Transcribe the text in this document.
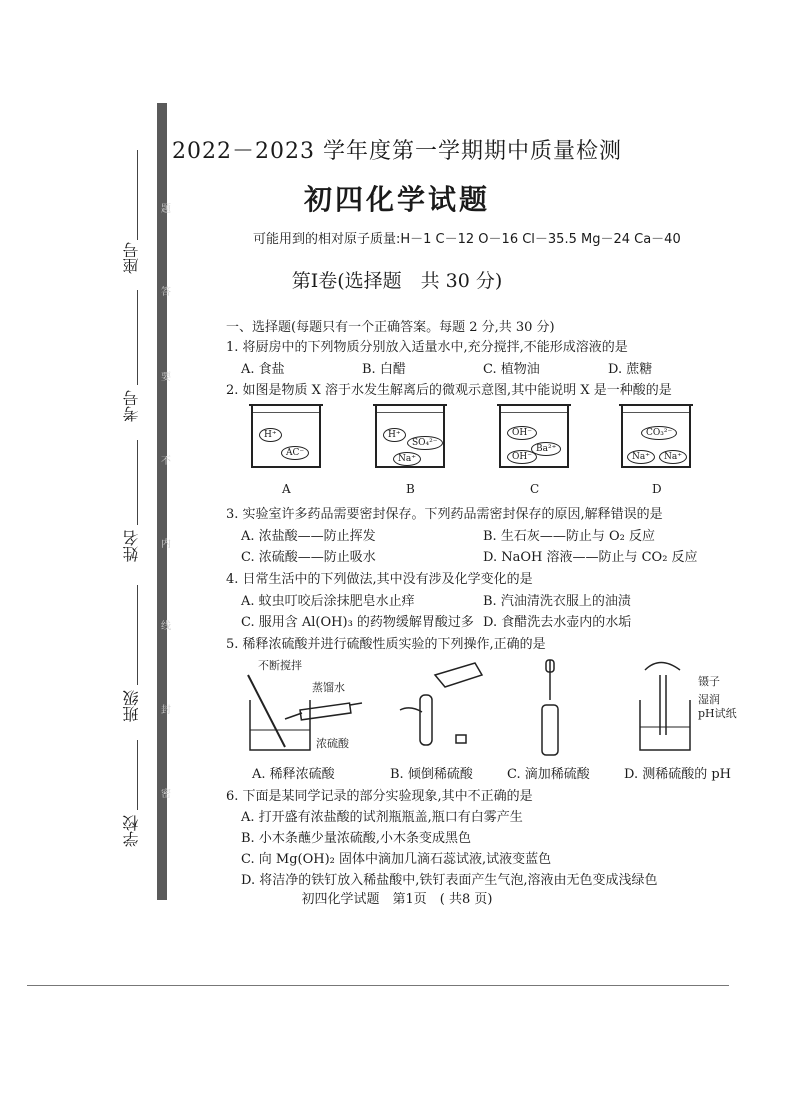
题
答
要
不
内
线
封
密
座号
考号
姓名
班级
学校
2022－2023 学年度第一学期期中质量检测
初四化学试题
可能用到的相对原子质量:H－1 C－12 O－16 Cl－35.5 Mg－24 Ca－40
第Ⅰ卷(选择题　共 30 分)
一、选择题(每题只有一个正确答案。每题 2 分,共 30 分)
1. 将厨房中的下列物质分别放入适量水中,充分搅拌,不能形成溶液的是
A. 食盐	B. 白醋	C. 植物油	D. 蔗糖
2. 如图是物质 X 溶于水发生解离后的微观示意图,其中能说明 X 是一种酸的是
H⁺
AC⁻
H⁺
SO₄²⁻
Na⁺
OH⁻
Ba²⁺
OH⁻
CO₃²⁻
Na⁺	Na⁺
A	B	C	D
3. 实验室许多药品需要密封保存。下列药品需密封保存的原因,解释错误的是
A. 浓盐酸——防止挥发	B. 生石灰——防止与 O₂ 反应
C. 浓硫酸——防止吸水	D. NaOH 溶液——防止与 CO₂ 反应
4. 日常生活中的下列做法,其中没有涉及化学变化的是
A. 蚊虫叮咬后涂抹肥皂水止痒	B. 汽油清洗衣服上的油渍
C. 服用含 Al(OH)₃ 的药物缓解胃酸过多 D. 食醋洗去水壶内的水垢
5. 稀释浓硫酸并进行硫酸性质实验的下列操作,正确的是
蒸馏水
浓硫酸
镊子
湿润
pH试纸
不断搅拌
A. 稀释浓硫酸	B. 倾倒稀硫酸	C. 滴加稀硫酸	D. 测稀硫酸的 pH
6. 下面是某同学记录的部分实验现象,其中不正确的是
A. 打开盛有浓盐酸的试剂瓶瓶盖,瓶口有白雾产生
B. 小木条蘸少量浓硫酸,小木条变成黑色
C. 向 Mg(OH)₂ 固体中滴加几滴石蕊试液,试液变蓝色
D. 将洁净的铁钉放入稀盐酸中,铁钉表面产生气泡,溶液由无色变成浅绿色
初四化学试题　第1页　( 共8 页)
